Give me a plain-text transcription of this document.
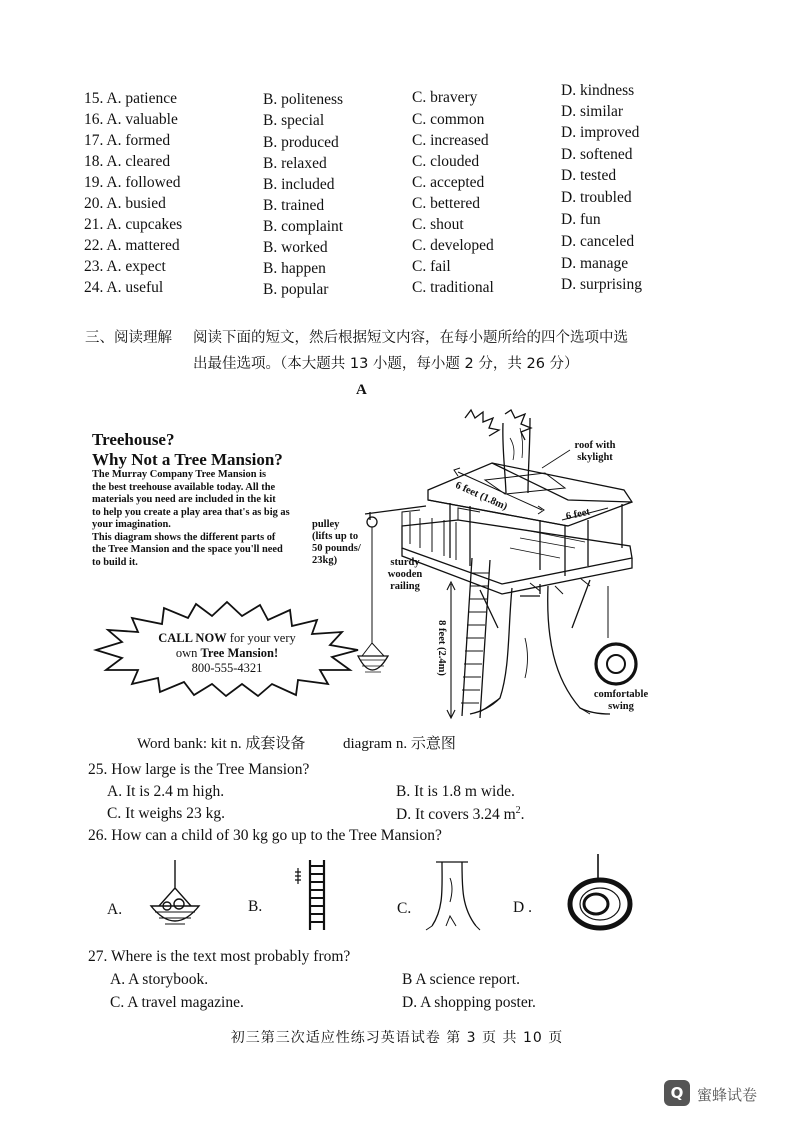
15. A. patience	B. politeness	C. bravery	D. kindness
16. A. valuable	B. special	C. common	D. similar
17. A. formed	B. produced	C. increased	D. improved
18. A. cleared	B. relaxed	C. clouded	D. softened
19. A. followed	B. included	C. accepted	D. tested
20. A. busied	B. trained	C. bettered	D. troubled
21. A. cupcakes	B. complaint	C. shout	D. fun
22. A. mattered	B. worked	C. developed	D. canceled
23. A. expect	B. happen	C. fail	D. manage
24. A. useful	B. popular	C. traditional	D. surprising
三、阅读理解 阅读下面的短文，然后根据短文内容，在每小题所给的四个选项中选
出最佳选项。（本大题共 13 小题，每小题 2 分，共 26 分）
A
Treehouse?
Why Not a Tree Mansion?
The Murray Company Tree Mansion is
the best treehouse available today. All the
materials you need are included in the kit
to help you create a play area that's as big as
your imagination.
This diagram shows the different parts of
the Tree Mansion and the space you'll need
to build it.
CALL NOW for your very
own Tree Mansion!
800-555-4321
roof with
skylight
6 feet (1.8m)
6 feet
pulley
(lifts up to
50 pounds/
23kg)	sturdy
wooden
railing
8 feet (2.4m)
comfortable
swing
Word bank: kit n. 成套设备	diagram n. 示意图
25. How large is the Tree Mansion?
A. It is 2.4 m high.	B. It is 1.8 m wide.
C. It weighs 23 kg.	D. It covers 3.24 $m^2$.
26. How can a child of 30 kg go up to the Tree Mansion?
A.	B.	C.	D .
27. Where is the text most probably from?
A. A storybook.	B A science report.
C. A travel magazine.	D. A shopping poster.
初三第三次适应性练习英语试卷 第 3 页 共 10 页
Q 蜜蜂试卷
